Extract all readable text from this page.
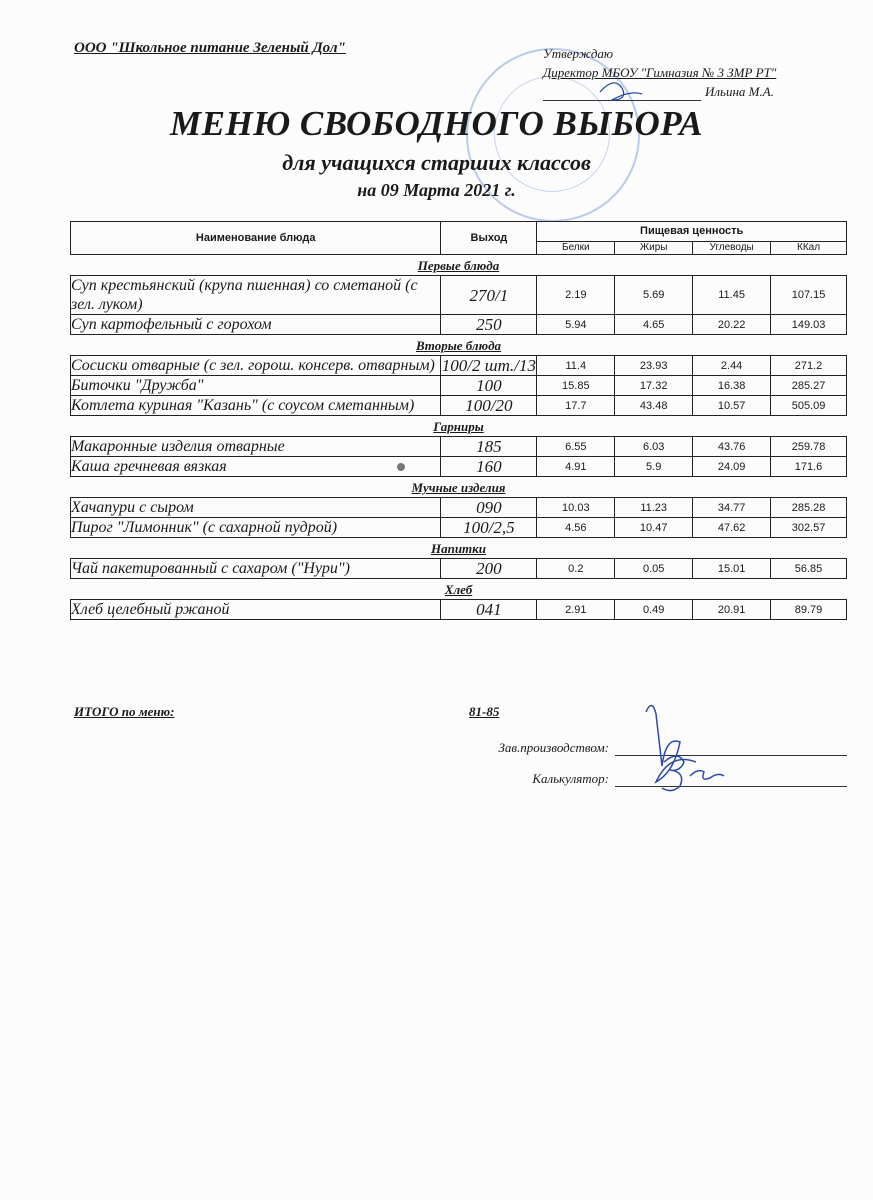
ООО "Школьное питание Зеленый Дол"	Утверждаю
Директор МБОУ "Гимназия № 3 ЗМР РТ"
Ильина М.А.
МЕНЮ СВОБОДНОГО ВЫБОРА
для учащихся старших классов
на 09 Марта 2021 г.
Наименование блюда	Выход	Пищевая ценность			
		Белки	Жиры	Углеводы	ККал
Первые блюда					
Суп крестьянский (крупа пшенная) со сметаной (с зел. луком)	270/1	2.19	5.69	11.45	107.15
Суп картофельный с горохом	250	5.94	4.65	20.22	149.03
Вторые блюда					
Сосиски отварные (с зел. горош. консерв. отварным)	100/2 шт./13	11.4	23.93	2.44	271.2
Биточки "Дружба"	100	15.85	17.32	16.38	285.27
Котлета куриная "Казань" (с соусом сметанным)	100/20	17.7	43.48	10.57	505.09
Гарниры					
Макаронные изделия отварные	185	6.55	6.03	43.76	259.78
Каша гречневая вязкая	160	4.91	5.9	24.09	171.6
Мучные изделия					
Хачапури с сыром	090	10.03	11.23	34.77	285.28
Пирог "Лимонник" (с сахарной пудрой)	100/2,5	4.56	10.47	47.62	302.57
Напитки					
Чай пакетированный с сахаром ("Нури")	200	0.2	0.05	15.01	56.85
Хлеб					
Хлеб целебный ржаной	041	2.91	0.49	20.91	89.79
ИТОГО по меню:	81-85
Зав.производством:
Калькулятор:
